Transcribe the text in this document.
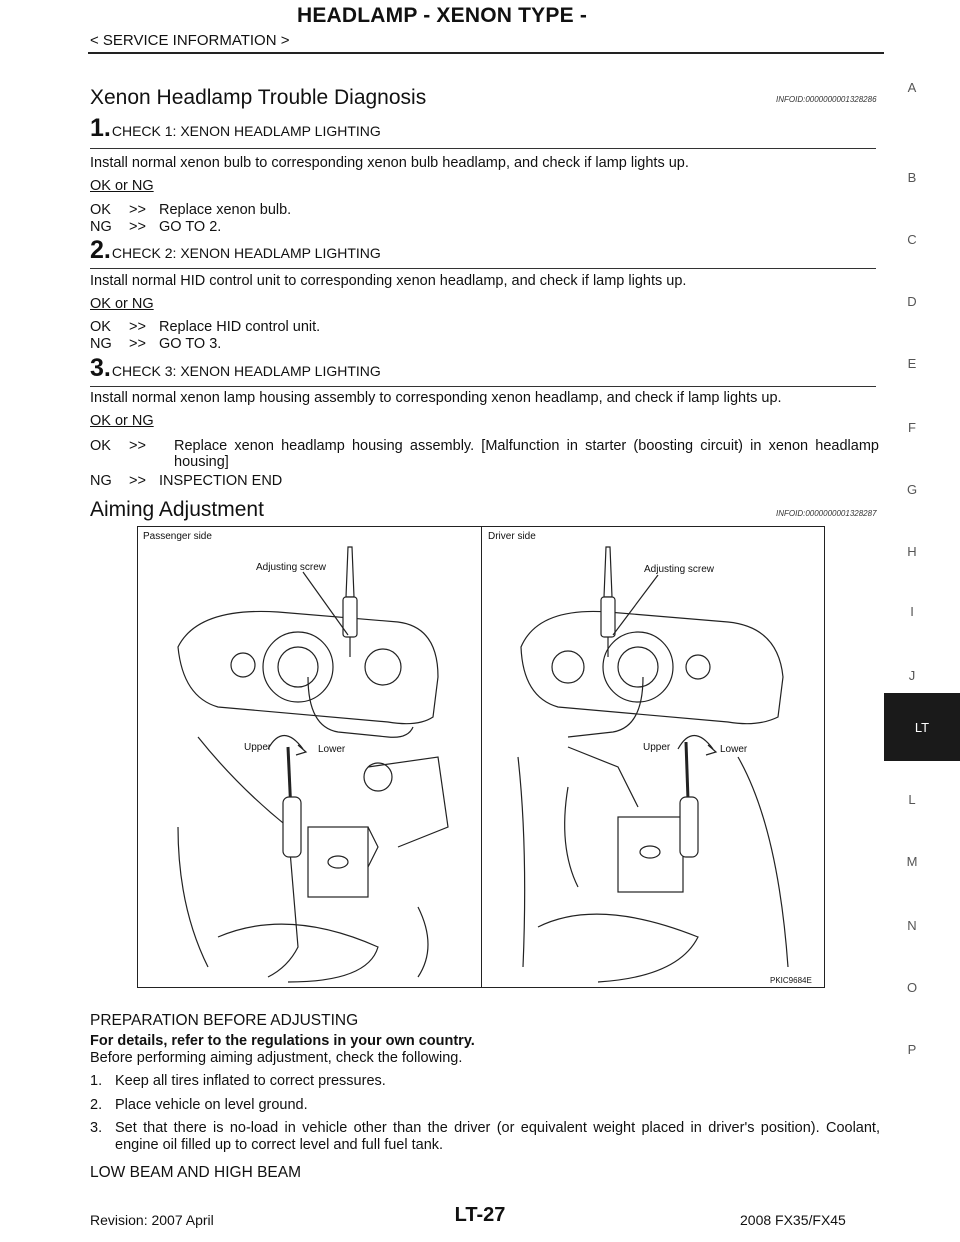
HEADLAMP - XENON TYPE -
< SERVICE INFORMATION >
Xenon Headlamp Trouble Diagnosis	INFOID:0000000001328286
1.CHECK 1: XENON HEADLAMP LIGHTING
Install normal xenon bulb to corresponding xenon bulb headlamp, and check if lamp lights up.
OK or NG
OK >> Replace xenon bulb.
NG >> GO TO 2.
2.CHECK 2: XENON HEADLAMP LIGHTING
Install normal HID control unit to corresponding xenon headlamp, and check if lamp lights up.
OK or NG
OK >> Replace HID control unit.
NG >> GO TO 3.
3.CHECK 3: XENON HEADLAMP LIGHTING
Install normal xenon lamp housing assembly to corresponding xenon headlamp, and check if lamp lights up.
OK or NG
OK >> Replace xenon headlamp housing assembly. [Malfunction in starter (boosting circuit) in xenon headlamp housing]
NG >> INSPECTION END
Aiming Adjustment	INFOID:0000000001328287
Passenger side	Driver side
Adjusting screw	Adjusting screw
Upper	Lower	Upper	Lower
PKIC9684E
PREPARATION BEFORE ADJUSTING
For details, refer to the regulations in your own country.
Before performing aiming adjustment, check the following.
1. Keep all tires inflated to correct pressures.
2. Place vehicle on level ground.
3. Set that there is no-load in vehicle other than the driver (or equivalent weight placed in driver's position). Coolant, engine oil filled up to correct level and full fuel tank.
LOW BEAM AND HIGH BEAM
A
B
C
D
E
F
G
H
I
J
LT
L
M
N
O
P
Revision: 2007 April	LT-27	2008 FX35/FX45
